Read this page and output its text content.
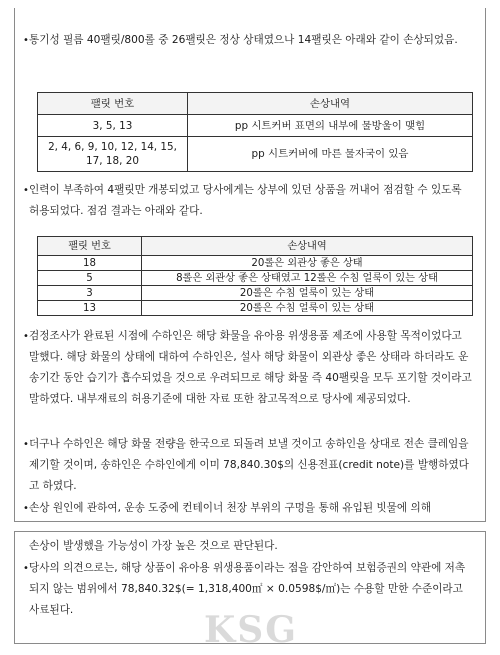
• 통기성 필름 40팰릿/800롤 중 26팰릿은 정상 상태였으나 14팰릿은 아래와 같이 손상되었음.
팰릿 번호	손상내역
3, 5, 13	pp 시트커버 표면의 내부에 물방울이 맺힘
2, 4, 6, 9, 10, 12, 14, 15, 17, 18, 20	pp 시트커버에 마른 물자국이 있음
• 인력이 부족하여 4팰릿만 개봉되었고 당사에게는 상부에 있던 상품을 꺼내어 점검할 수 있도록 허용되었다. 점검 결과는 아래와 같다.
팰릿 번호	손상내역
18	20롤은 외관상 좋은 상태
5	8롤은 외관상 좋은 상태였고 12롤은 수침 얼룩이 있는 상태
3	20롤은 수침 얼룩이 있는 상태
13	20롤은 수침 얼룩이 있는 상태
• 검정조사가 완료된 시점에 수하인은 해당 화물을 유아용 위생용품 제조에 사용할 목적이었다고 말했다. 해당 화물의 상태에 대하여 수하인은, 설사 해당 화물이 외관상 좋은 상태라 하더라도 운송기간 동안 습기가 흡수되었을 것으로 우려되므로 해당 화물 즉 40팰릿을 모두 포기할 것이라고 말하였다. 내부재료의 허용기준에 대한 자료 또한 참고목적으로 당사에 제공되었다.
• 더구나 수하인은 해당 화물 전량을 한국으로 되돌려 보낼 것이고 송하인을 상대로 전손 클레임을 제기할 것이며, 송하인은 수하인에게 이미 78,840.30$의 신용전표(credit note)를 발행하였다고 하였다.
• 손상 원인에 관하여, 운송 도중에 컨테이너 천장 부위의 구멍을 통해 유입된 빗물에 의해
손상이 발생했을 가능성이 가장 높은 것으로 판단된다.
• 당사의 의견으로는, 해당 상품이 유아용 위생용품이라는 점을 감안하여 보험증권의 약관에 저촉되지 않는 범위에서 78,840.32$(= 1,318,400㎡ × 0.0598$/㎡)는 수용할 만한 수준이라고 사료된다.	KSG
